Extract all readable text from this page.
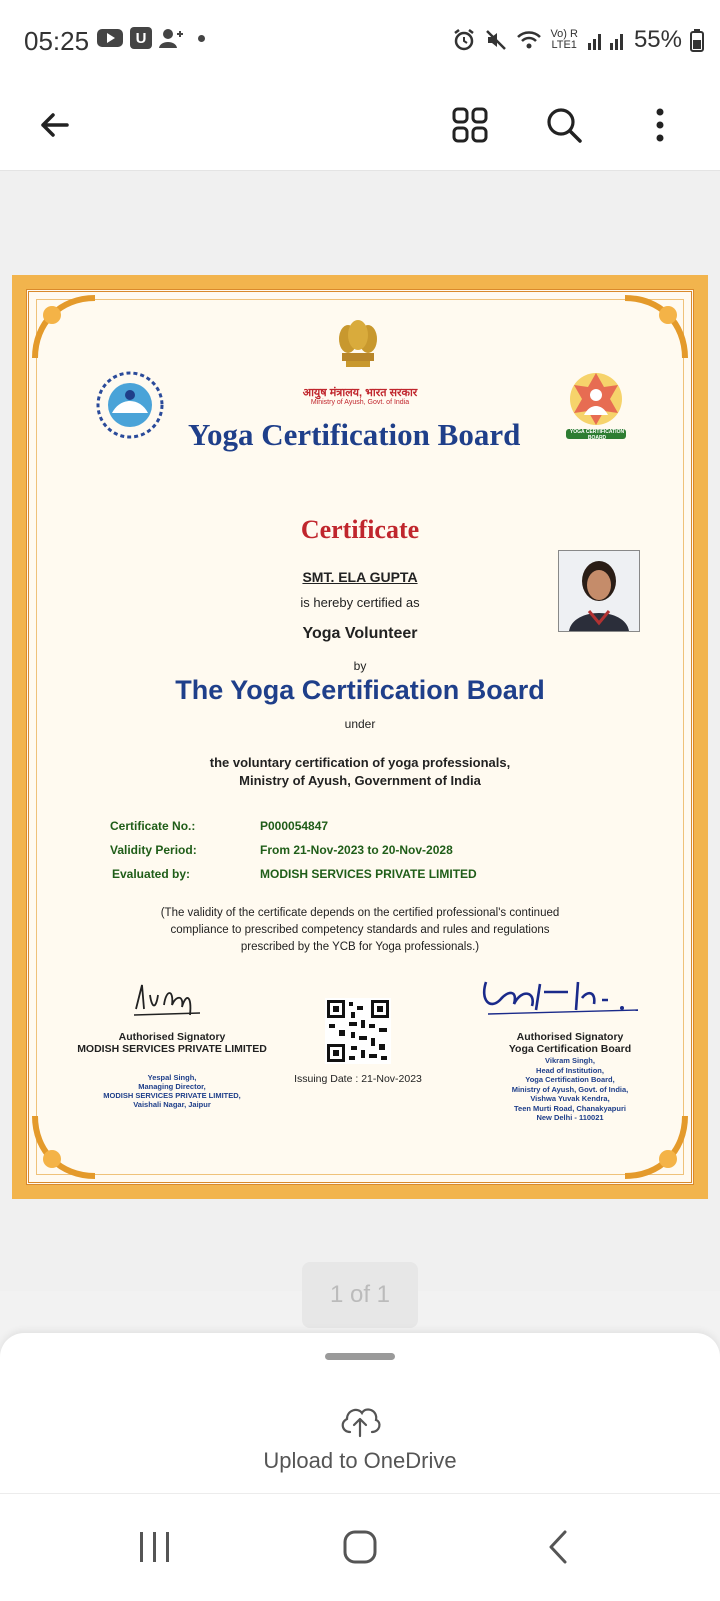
05:25	U	Vo) R
LTE1 55%
आयुष मंत्रालय, भारत सरकार
Ministry of Ayush, Govt. of India
Yoga Certification Board	YOGA CERTIFICATION BOARD
Certificate
SMT. ELA GUPTA
is hereby certified as
Yoga Volunteer
by
The Yoga Certification Board
under
the voluntary certification of yoga professionals,
Ministry of Ayush, Government of India
Certificate No.:	P000054847
Validity Period:	From 21-Nov-2023 to 20-Nov-2028
Evaluated by:	MODISH SERVICES PRIVATE LIMITED
(The validity of the certificate depends on the certified professional's continued
compliance to prescribed competency standards and rules and regulations
prescribed by the YCB for Yoga professionals.)
Authorised Signatory
MODISH SERVICES PRIVATE LIMITED
Yespal Singh,
Managing Director,
MODISH SERVICES PRIVATE LIMITED,
Vaishali Nagar, Jaipur
Issuing Date : 21-Nov-2023
Authorised Signatory
Yoga Certification Board
Vikram Singh,
Head of Institution,
Yoga Certification Board,
Ministry of Ayush, Govt. of India,
Vishwa Yuvak Kendra,
Teen Murti Road, Chanakyapuri
New Delhi - 110021
1 of 1
Upload to OneDrive
